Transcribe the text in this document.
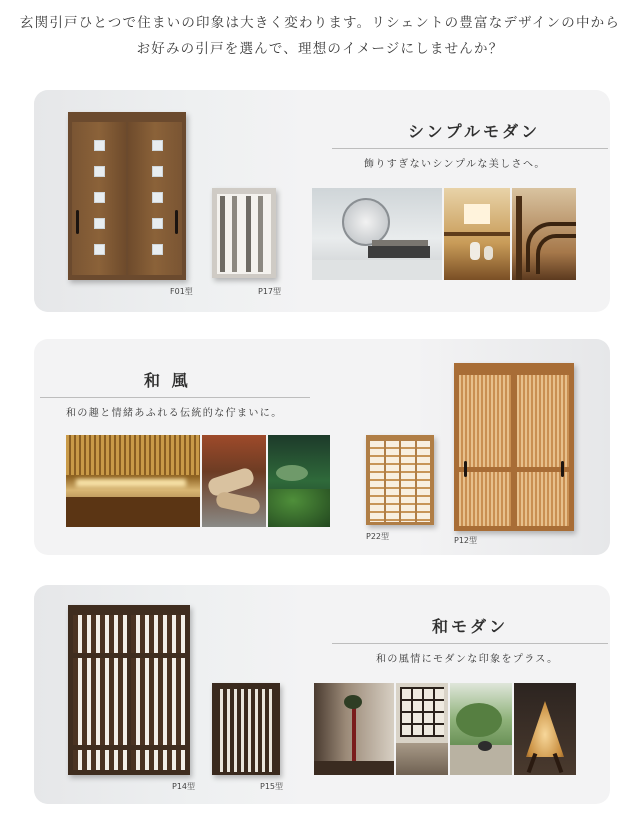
玄関引戸ひとつで住まいの印象は大きく変わります。リシェントの豊富なデザインの中から
お好みの引戸を選んで、理想のイメージにしませんか？
F01型	P17型
シンプルモダン
飾りすぎないシンプルな美しさへ。
和 風
和の趣と情緒あふれる伝統的な佇まいに。
P22型	P12型
P14型	P15型
和モダン
和の風情にモダンな印象をプラス。
